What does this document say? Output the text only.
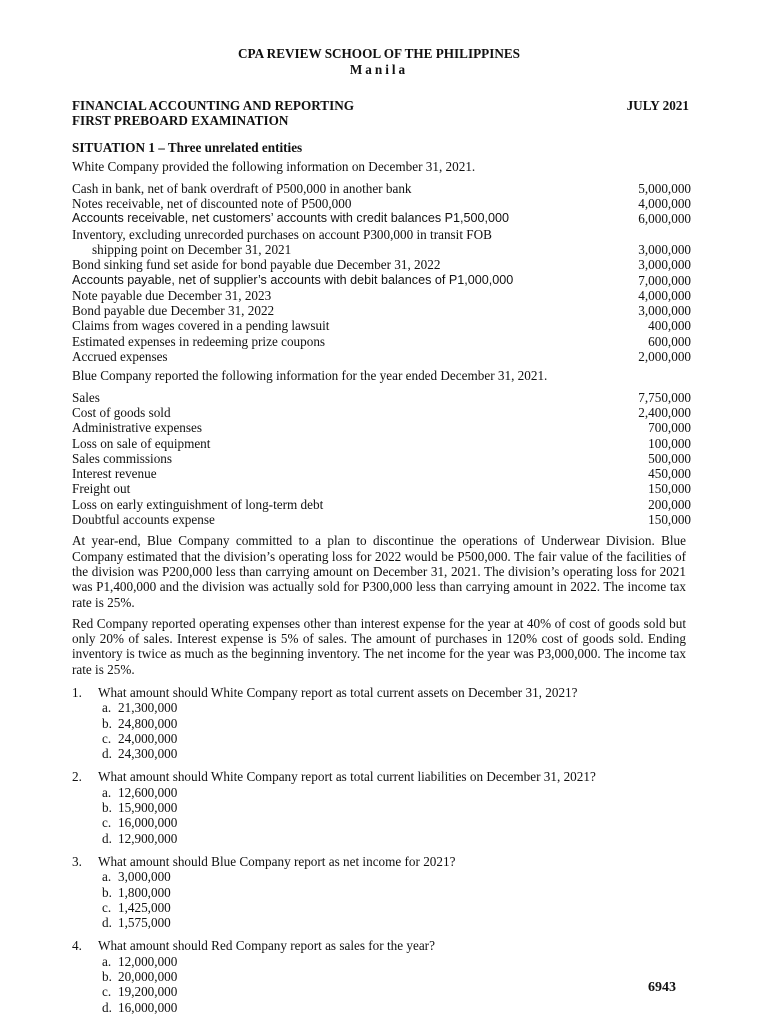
CPA REVIEW SCHOOL OF THE PHILIPPINES
Manila
FINANCIAL ACCOUNTING AND REPORTING	JULY 2021
FIRST PREBOARD EXAMINATION
SITUATION 1 – Three unrelated entities

White Company provided the following information on December 31, 2021.

Cash in bank, net of bank overdraft of P500,000 in another bank	5,000,000
Notes receivable, net of discounted note of P500,000	4,000,000
Accounts receivable, net customers’ accounts with credit balances P1,500,000	6,000,000
Inventory, excluding unrecorded purchases on account P300,000 in transit FOB
shipping point on December 31, 2021	3,000,000
Bond sinking fund set aside for bond payable due December 31, 2022	3,000,000
Accounts payable, net of supplier’s accounts with debit balances of P1,000,000	7,000,000
Note payable due December 31, 2023	4,000,000
Bond payable due December 31, 2022	3,000,000
Claims from wages covered in a pending lawsuit	400,000
Estimated expenses in redeeming prize coupons	600,000
Accrued expenses	2,000,000

Blue Company reported the following information for the year ended December 31, 2021.

Sales	7,750,000
Cost of goods sold	2,400,000
Administrative expenses	700,000
Loss on sale of equipment	100,000
Sales commissions	500,000
Interest revenue	450,000
Freight out	150,000
Loss on early extinguishment of long-term debt	200,000
Doubtful accounts expense	150,000

At year-end, Blue Company committed to a plan to discontinue the operations of Underwear Division. Blue Company estimated that the division’s operating loss for 2022 would be P500,000. The fair value of the facilities of the division was P200,000 less than carrying amount on December 31, 2021. The division’s operating loss for 2021 was P1,400,000 and the division was actually sold for P300,000 less than carrying amount in 2022. The income tax rate is 25%.

Red Company reported operating expenses other than interest expense for the year at 40% of cost of goods sold but only 20% of sales. Interest expense is 5% of sales. The amount of purchases in 120% cost of goods sold. Ending inventory is twice as much as the beginning inventory. The net income for the year was P3,000,000. The income tax rate is 25%.

1.	What amount should White Company report as total current assets on December 31, 2021?
a. 21,300,000
b. 24,800,000
c. 24,000,000
d. 24,300,000
2.	What amount should White Company report as total current liabilities on December 31, 2021?
a. 12,600,000
b. 15,900,000
c. 16,000,000
d. 12,900,000
3.	What amount should Blue Company report as net income for 2021?
a. 3,000,000
b. 1,800,000
c. 1,425,000
d. 1,575,000
4.	What amount should Red Company report as sales for the year?
a. 12,000,000
b. 20,000,000
c. 19,200,000
d. 16,000,000
6943
